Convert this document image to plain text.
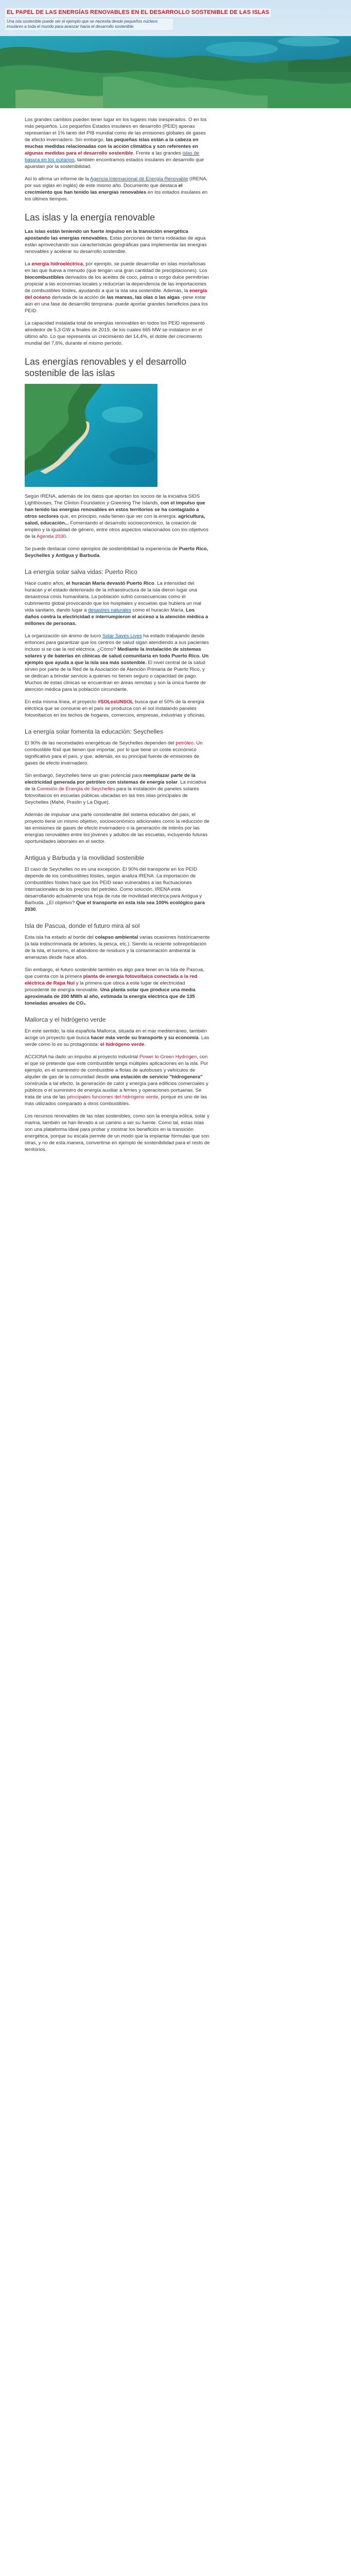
EL PAPEL DE LAS ENERGÍAS RENOVABLES EN EL DESARROLLO SOSTENIBLE DE LAS ISLAS
Una isla sostenible puede ser el ejemplo que se necesita desde pequeños núcleos insulares a toda el mundo para avanzar hacia el desarrollo sostenible.

Los grandes cambios pueden tener lugar en los lugares más inesperados. O en los más pequeños. Los pequeños Estados insulares en desarrollo (PEID) apenas representan el 1% tanto del PIB mundial como de las emisiones globales de gases de efecto invernadero. Sin embargo, las pequeñas islas están a la cabeza en muchas medidas relacionadas con la acción climática y son referentes en algunas medidas para el desarrollo sostenible. Frente a las grandes islas de basura en los océanos, también encontramos estados insulares en desarrollo que apuestan por la sostenibilidad.

Así lo afirma un informe de la Agencia Internacional de Energía Renovable (IRENA, por sus siglas en inglés) de este mismo año. Documento que destaca el crecimiento que han tenido las energías renovables en los estados insulares en los últimos tiempos.

Las islas y la energía renovable

Las islas están teniendo un fuerte impulso en la transición energética apostando las energías renovables. Estas porciones de tierra rodeadas de agua están aprovechando sus características geográficas para implementar las energías renovables y acelerar su desarrollo sostenible.

La energía hidroeléctrica, por ejemplo, se puede desarrollar en islas montañosas en las que llueva a menudo (que tengan una gran cantidad de precipitaciones). Los biocombustibles derivados de los aceites de coco, palma o sorgo dulce permitirían propiciar a las economías locales y reducirían la dependencia de las importaciones de combustibles fósiles, ayudando a que la isla sea sostenible. Además, la energía del océano derivada de la acción de las mareas, las olas o las algas -pese estar aún en una fase de desarrollo temprana- puede aportar grandes beneficios para los PEID.

La capacidad instalada total de energías renovables en todos los PEID representó alrededor de 5,3 GW a finales de 2019, de los cuales 665 MW se instalaron en el último año. Lo que representa un crecimiento del 14,4%, el doble del crecimiento mundial del 7,6%, durante el mismo período.

Las energías renovables y el desarrollo sostenible de las islas

Según IRENA, además de los datos que aportan los socios de la iniciativa SIDS Lighthouses, The Clinton Foundation y Greening The Islands, con el impulso que han tenido las energías renovables en estos territorios se ha contagiado a otros sectores que, en principio, nada tienen que ver con la energía: agricultura, salud, educación... Fomentando el desarrollo socioeconómico, la creación de empleo y la igualdad de género, entre otros aspectos relacionados con los objetivos de la Agenda 2030.

Se puede destacar como ejemplos de sostenibilidad la experiencia de Puerto Rico, Seychelles y Antigua y Barbuda.

La energía solar salva vidas: Puerto Rico

Hace cuatro años, el huracán María devastó Puerto Rico. La intensidad del huracán y el estado deteriorado de la infraestructura de la isla dieron lugar una desastrosa crisis humanitaria. La población sufrió consecuencias como el cubrimiento global provocando que los hospitales y escuelas que hubiera un mal vida sanitario, dando lugar a desastres naturales como el huracán María. Los daños contra la electricidad e interrumpieron el acceso a la atención médica a millones de personas.

La organización sin ánimo de lucro Solar Saves Lives ha estado trabajando desde entonces para garantizar que los centros de salud sigan atendiendo a sus pacientes incluso si se cae la red eléctrica. ¿Cómo? Mediante la instalación de sistemas solares y de baterías en clínicas de salud comunitaria en todo Puerto Rico. Un ejemplo que ayuda a que la isla sea más sostenible. El nivel central de la salud sirven por parte de la Red de la Asociación de Atención Primaria de Puerto Rico, y se dedican a brindar servicio a quienes no tienen seguro o capacidad de pago. Muchos de estas clínicas se encuentran en áreas remotas y son la única fuente de atención médica para la población circundante.

En esta misma línea, el proyecto #SOLesUNSOL busca que el 50% de la energía eléctrica que se consume en el país se produzca con el sol instalando paneles fotovoltaicos en los techos de hogares, comercios, empresas, industrias y oficinas.

La energía solar fomenta la educación: Seychelles

El 90% de las necesidades energéticas de Seychelles dependen del petróleo. Un combustible fósil que tienen que importar, por lo que tiene un coste económico significativo para el país, y que, además, es su principal fuente de emisiones de gases de efecto invernadero.

Sin embargo, Seychelles tiene un gran potencial para reemplazar parte de la electricidad generada por petróleo con sistemas de energía solar. La iniciativa de la Comisión de Energía de Seychelles para la instalación de paneles solares fotovoltaicos en escuelas públicas ubicadas en las tres islas principales de Seychelles (Mahé, Praslin y La Digue).

Además de impulsar una parte considerable del sistema educativo del país, el proyecto tiene un mismo objetivo, socioeconómico adicionales como la reducción de las emisiones de gases de efecto invernadero o la generación de interés por las energías renovables entre los jóvenes y adultos de las escuelas, incluyendo futuras oportunidades laborales en el sector.

Antigua y Barbuda y la movilidad sostenible

El caso de Seychelles no es una excepción. El 90% del transporte en los PEID depende de los combustibles fósiles, según analiza IRENA. La importación de combustibles fósiles hace que los PEID sean vulnerables a las fluctuaciones internacionales de los precios del petróleo. Como solución, IRENA está desarrollando actualmente una hoja de ruta de movilidad eléctrica para Antigua y Barbuda. ¿El objetivo? Que el transporte en esta isla sea 100% ecológico para 2030.

Isla de Pascua, donde el futuro mira al sol

Esta isla ha estado al borde del colapso ambiental varias ocasiones históricamente (a tala indiscriminada de árboles, la pesca, etc.). Siendo la reciente sobrepoblación de la isla, el turismo, el abandono de residuos y la contaminación ambiental la amenazas desde hace años.

Sin embargo, el futuro sostenible también es algo para tener en la Isla de Pascua, que cuenta con la primera planta de energía fotovoltaica conectada a la red eléctrica de Rapa Nui y la primera que ubica a este lugar de electricidad procedente de energía renovable. Una planta solar que produce una media aproximada de 200 MWh al año, estimada la energía eléctrica que de 135 toneladas anuales de CO₂.

Mallorca y el hidrógeno verde

En este sentido, la isla española Mallorca, situada en el mar mediterráneo, también acoge un proyecto que busca hacer más verde su transporte y su economía. Las verde como lo es su protagonista: el hidrógeno verde.

ACCIONA ha dado un impulso al proyecto industrial Power to Green Hydrogen, con el que se pretende que este combustible tenga múltiples aplicaciones en la isla. Por ejemplo, en el suministro de combustible a flotas de autobuses y vehículos de alquiler de gas de la comunidad desde una estación de servicio "hidrogenera" construida a tal efecto, la generación de calor y energía para edificios comerciales y públicos o el suministro de energía auxiliar a ferries y operaciones portuarias. Se trata de una de las principales funciones del hidrógeno verde, porque es uno de las más utilizados comparado a otros combustibles.

Los recursos renovables de las islas sostenibles, como son la energía eólica, solar y marina, también se han llevado a un camino a ser su fuente. Como tal, estas islas son una plataforma ideal para probar y mostrar los beneficios en la transición energética, porque su escala permite de un modo que la implantar fórmulas que son otras, y no de esta manera, convertirse en ejemplo de sostenibilidad para el resto de territorios.
